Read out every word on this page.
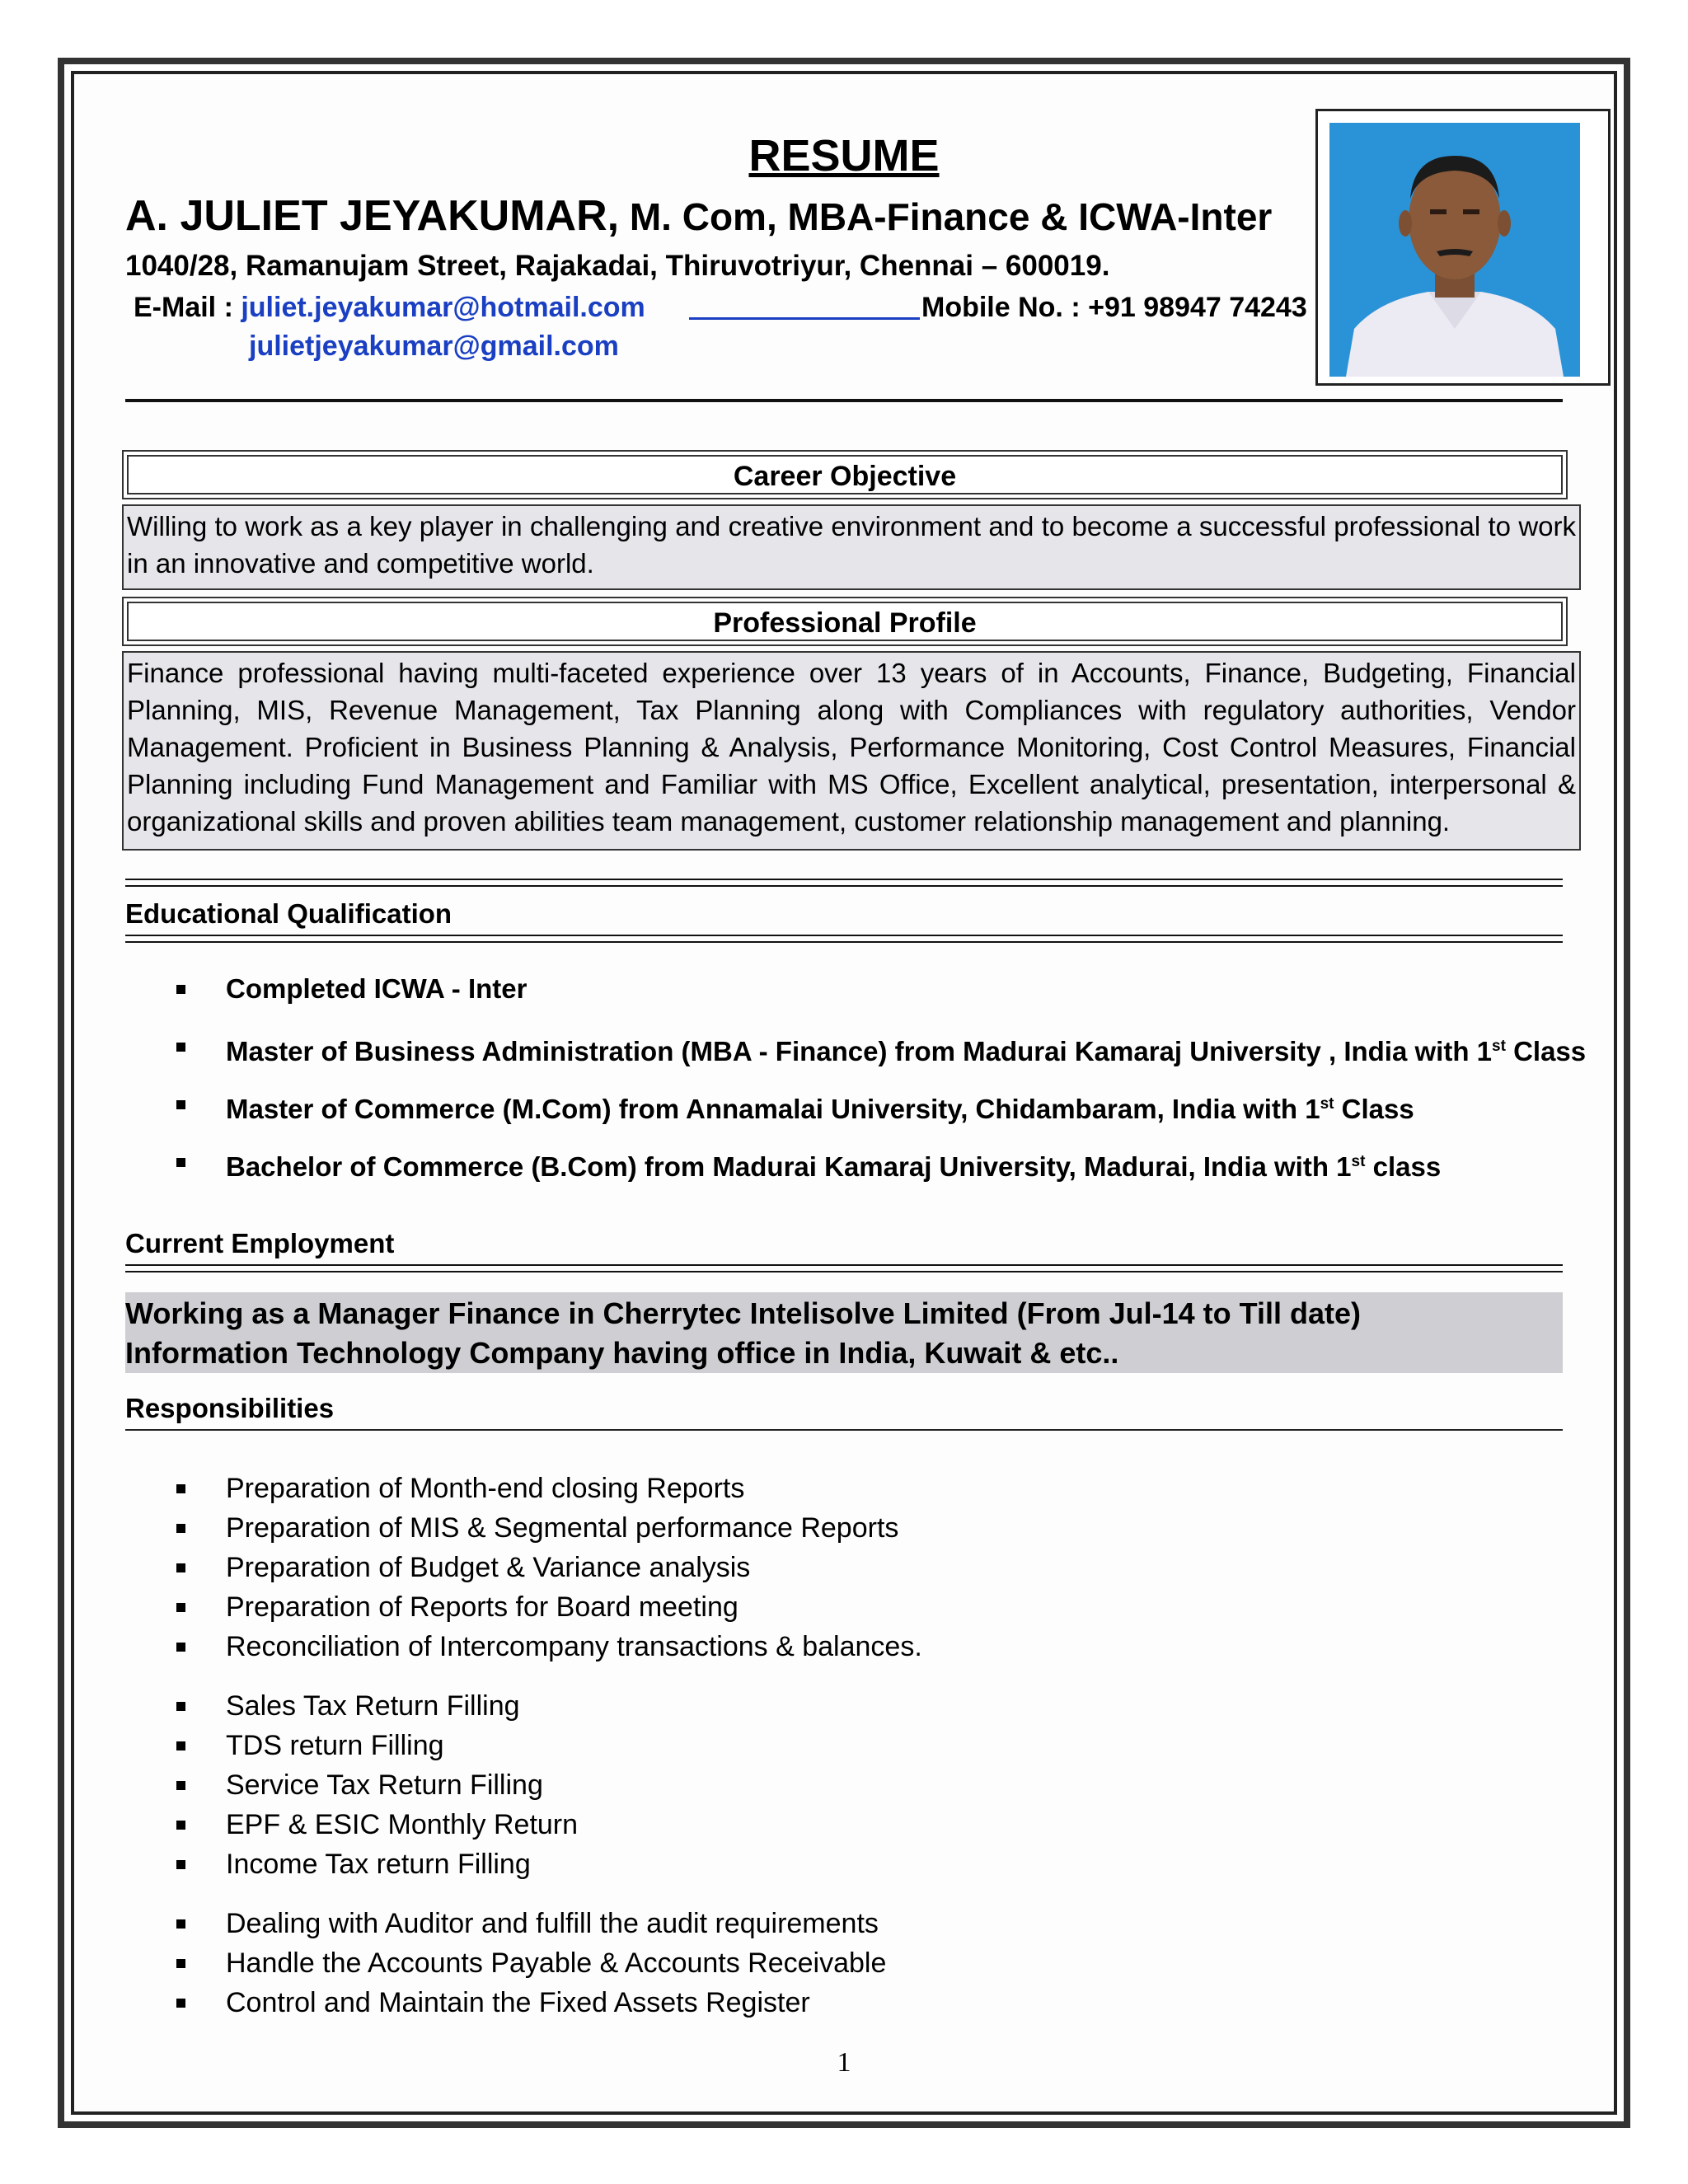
RESUME
A. JULIET JEYAKUMAR, M. Com, MBA-Finance & ICWA-Inter
1040/28, Ramanujam Street, Rajakadai, Thiruvotriyur, Chennai – 600019.
E-Mail : juliet.jeyakumar@hotmail.com
julietjeyakumar@gmail.com
Mobile No. : +91 98947 74243
Career Objective
Willing to work as a key player in challenging and creative environment and to become a successful professional to work in an innovative and competitive world.
Professional Profile
Finance professional having multi-faceted experience over 13 years of in Accounts, Finance, Budgeting, Financial Planning, MIS, Revenue Management, Tax Planning along with Compliances with regulatory authorities, Vendor Management. Proficient in Business Planning & Analysis, Performance Monitoring, Cost Control Measures, Financial Planning including Fund Management and Familiar with MS Office, Excellent analytical, presentation, interpersonal & organizational skills and proven abilities team management, customer relationship management and planning.
Educational Qualification
Completed ICWA - Inter
Master of Business Administration (MBA - Finance) from Madurai Kamaraj University , India with 1st Class
Master of Commerce (M.Com) from Annamalai University, Chidambaram, India with 1st Class
Bachelor of Commerce (B.Com) from Madurai Kamaraj University, Madurai, India with 1st class
Current Employment
Working as a Manager Finance in Cherrytec Intelisolve Limited (From Jul-14 to Till date)
Information Technology Company having office in India, Kuwait & etc..
Responsibilities
Preparation of Month-end closing Reports
Preparation of MIS & Segmental performance Reports
Preparation of Budget & Variance analysis
Preparation of Reports for Board meeting
Reconciliation of Intercompany transactions & balances.
Sales Tax Return Filling
TDS return Filling
Service Tax Return Filling
EPF & ESIC Monthly Return
Income Tax return Filling
Dealing with Auditor and fulfill the audit requirements
Handle the Accounts Payable & Accounts Receivable
Control and Maintain the Fixed Assets Register
1
